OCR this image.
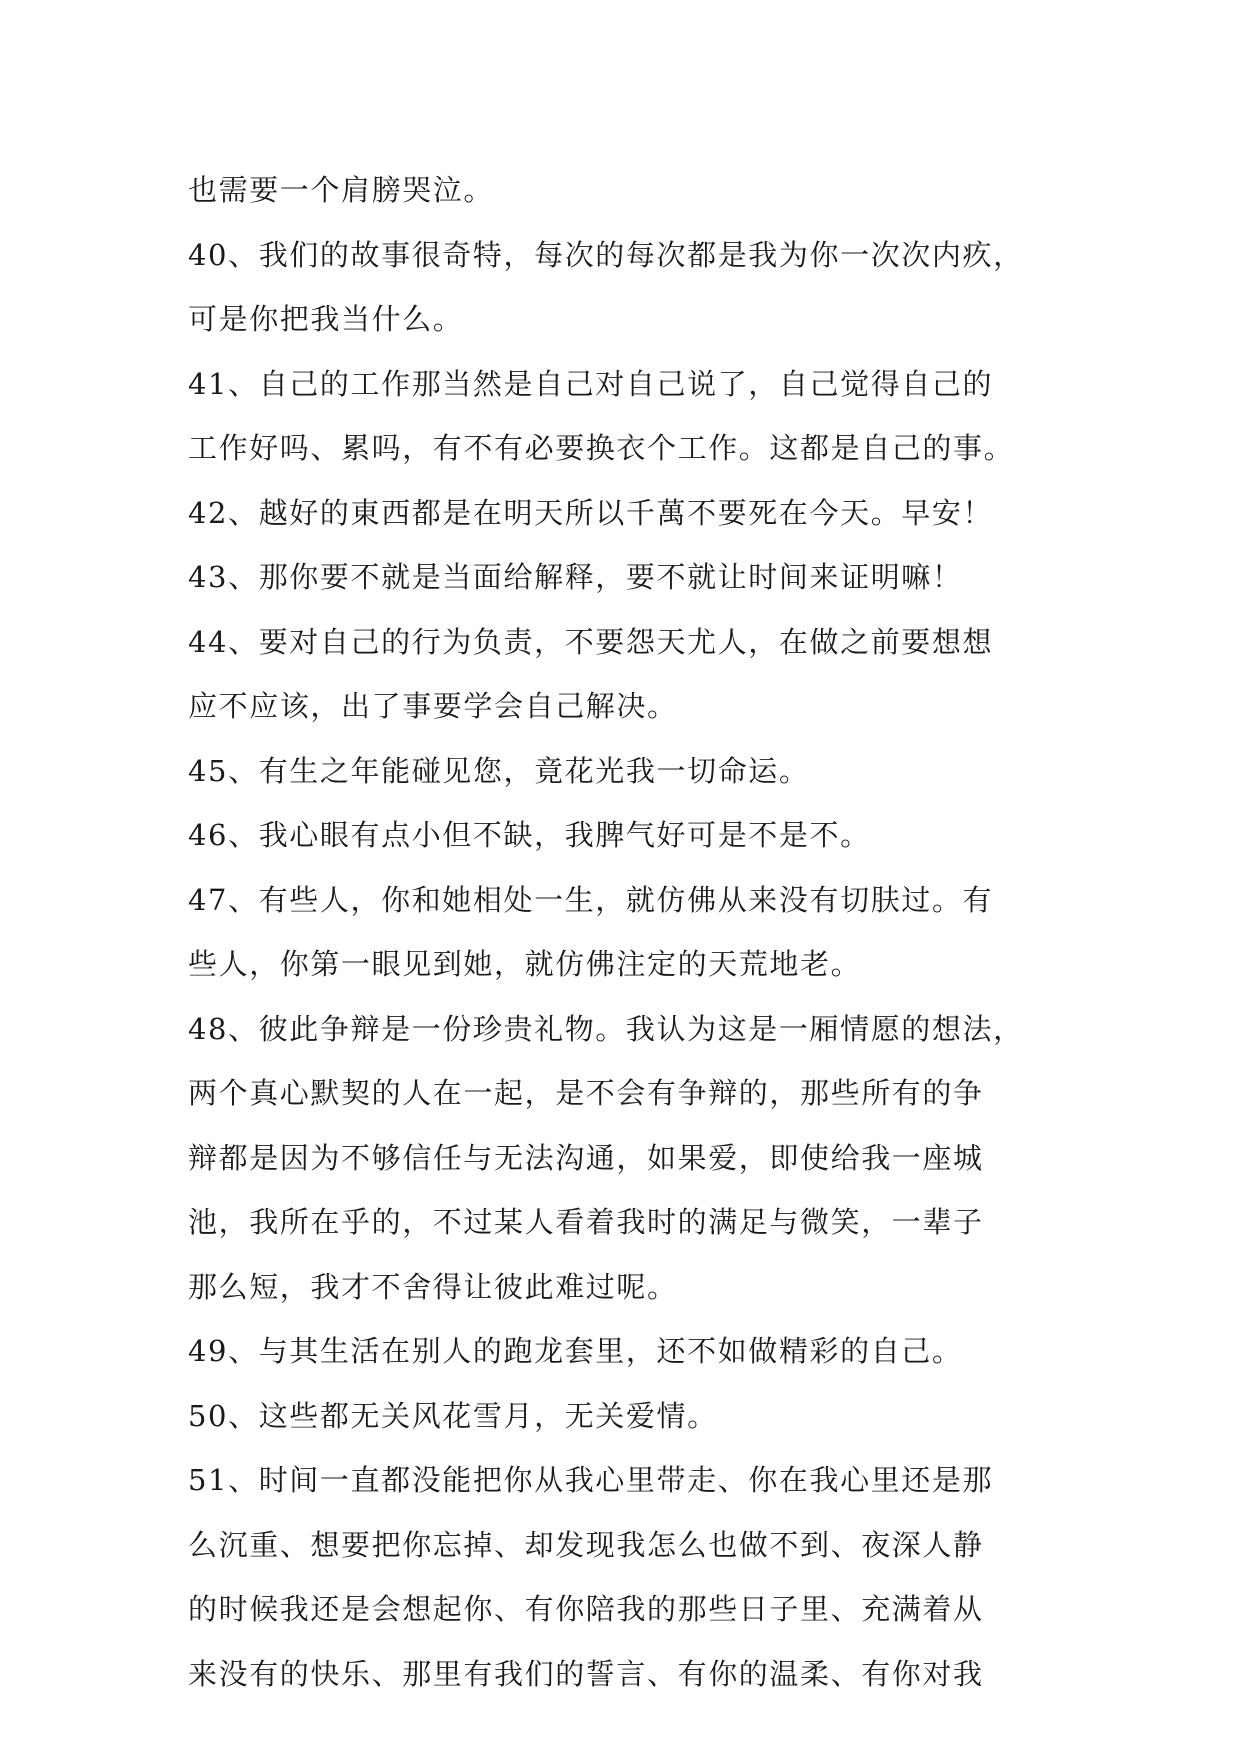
也需要一个肩膀哭泣。
40、我们的故事很奇特，每次的每次都是我为你一次次内疚，
可是你把我当什么。
41、自己的工作那当然是自己对自己说了，自己觉得自己的
工作好吗、累吗，有不有必要换衣个工作。这都是自己的事。
42、越好的東西都是在明天所以千萬不要死在今天。早安！
43、那你要不就是当面给解释，要不就让时间来证明嘛！
44、要对自己的行为负责，不要怨天尤人，在做之前要想想
应不应该，出了事要学会自己解决。
45、有生之年能碰见您，竟花光我一切命运。
46、我心眼有点小但不缺，我脾气好可是不是不。
47、有些人，你和她相处一生，就仿佛从来没有切肤过。有
些人，你第一眼见到她，就仿佛注定的天荒地老。
48、彼此争辩是一份珍贵礼物。我认为这是一厢情愿的想法，
两个真心默契的人在一起，是不会有争辩的，那些所有的争
辩都是因为不够信任与无法沟通，如果爱，即使给我一座城
池，我所在乎的，不过某人看着我时的满足与微笑，一辈子
那么短，我才不舍得让彼此难过呢。
49、与其生活在别人的跑龙套里，还不如做精彩的自己。
50、这些都无关风花雪月，无关爱情。
51、时间一直都没能把你从我心里带走、你在我心里还是那
么沉重、想要把你忘掉、却发现我怎么也做不到、夜深人静
的时候我还是会想起你、有你陪我的那些日子里、充满着从
来没有的快乐、那里有我们的誓言、有你的温柔、有你对我
